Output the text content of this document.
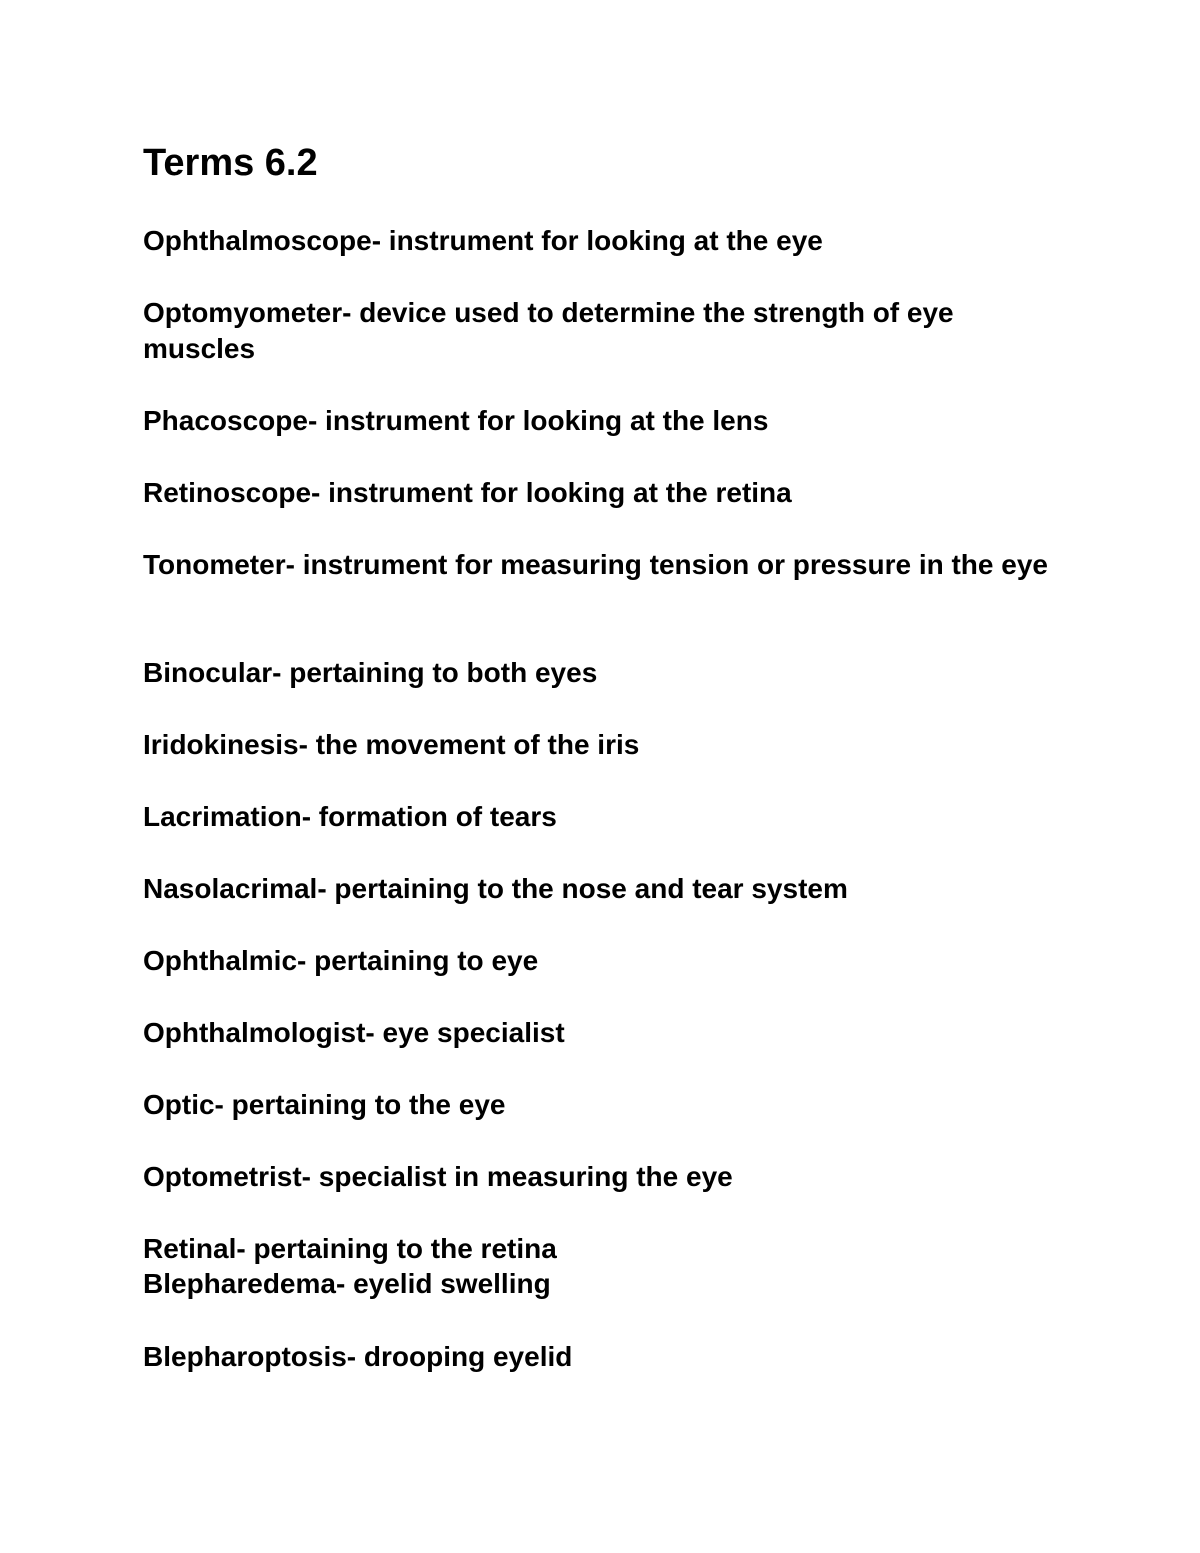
Terms 6.2

Ophthalmoscope- instrument for looking at the eye

Optomyometer- device used to determine the strength of eye muscles

Phacoscope- instrument for looking at the lens

Retinoscope- instrument for looking at the retina

Tonometer- instrument for measuring tension or pressure in the eye

Binocular- pertaining to both eyes

Iridokinesis- the movement of the iris

Lacrimation- formation of tears

Nasolacrimal- pertaining to the nose and tear system

Ophthalmic- pertaining to eye

Ophthalmologist- eye specialist

Optic- pertaining to the eye

Optometrist- specialist in measuring the eye

Retinal- pertaining to the retina

Blepharedema- eyelid swelling

Blepharoptosis- drooping eyelid
